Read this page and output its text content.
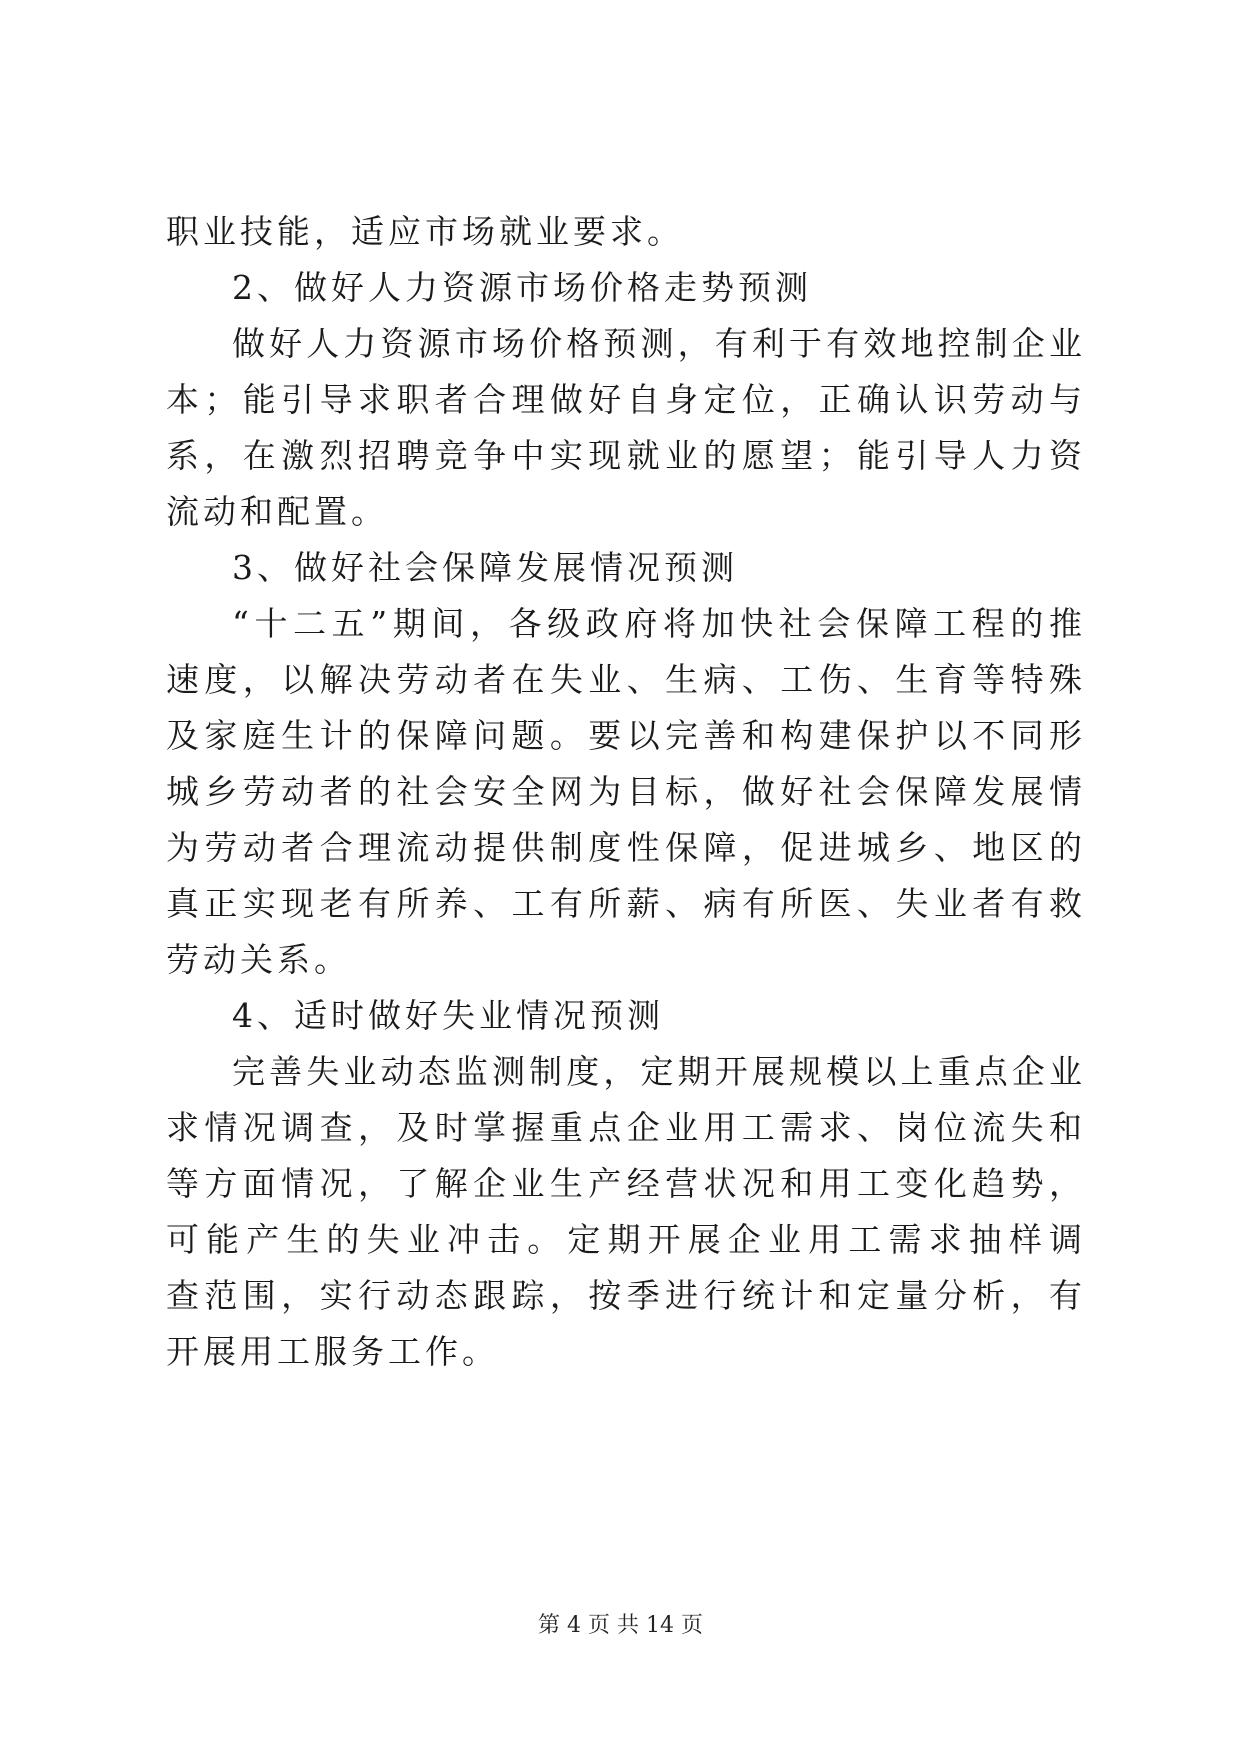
职业技能，适应市场就业要求。
2、做好人力资源市场价格走势预测
做好人力资源市场价格预测，有利于有效地控制企业
本；能引导求职者合理做好自身定位，正确认识劳动与
系，在激烈招聘竞争中实现就业的愿望；能引导人力资
流动和配置。
3、做好社会保障发展情况预测
“十二五”期间，各级政府将加快社会保障工程的推
速度，以解决劳动者在失业、生病、工伤、生育等特殊
及家庭生计的保障问题。要以完善和构建保护以不同形
城乡劳动者的社会安全网为目标，做好社会保障发展情
为劳动者合理流动提供制度性保障，促进城乡、地区的
真正实现老有所养、工有所薪、病有所医、失业者有救
劳动关系。
4、适时做好失业情况预测
完善失业动态监测制度，定期开展规模以上重点企业
求情况调查，及时掌握重点企业用工需求、岗位流失和
等方面情况，了解企业生产经营状况和用工变化趋势，
可能产生的失业冲击。定期开展企业用工需求抽样调
查范围，实行动态跟踪，按季进行统计和定量分析，有
开展用工服务工作。
第 4 页 共 14 页
